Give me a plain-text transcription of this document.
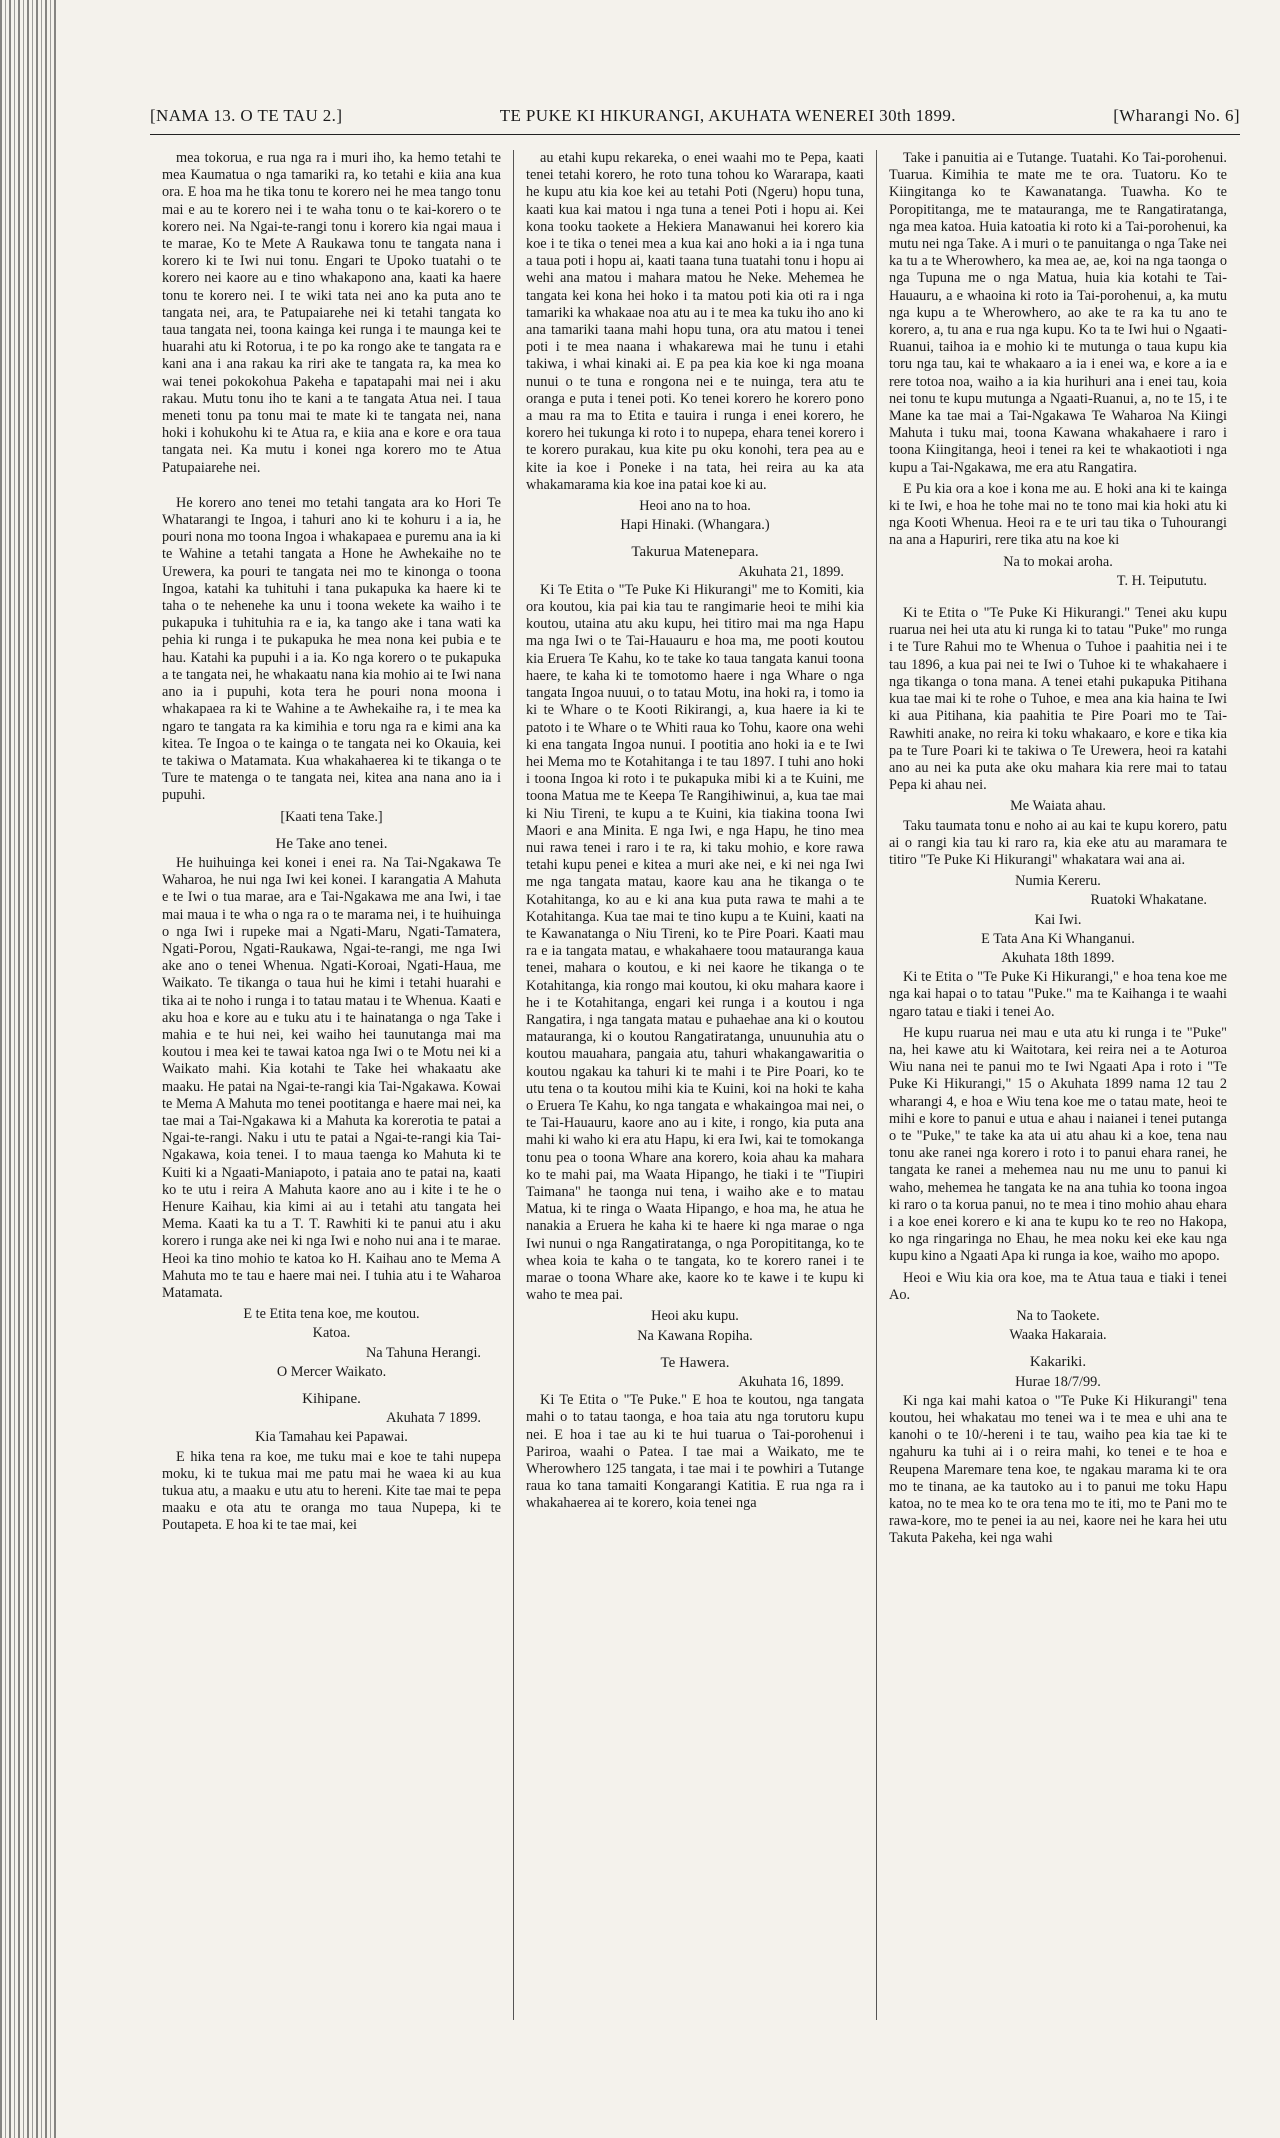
[NAMA 13. O TE TAU 2.]	TE PUKE KI HIKURANGI, AKUHATA WENEREI 30th 1899.	[Wharangi No. 6]

mea tokorua, e rua nga ra i muri iho, ka hemo tetahi te mea Kaumatua o nga tamariki ra, ko tetahi e kiia ana kua ora. E hoa ma he tika tonu te korero nei he mea tango tonu mai e au te korero nei i te waha tonu o te kai-korero o te korero nei. Na Ngai-te-rangi tonu i korero kia ngai maua i te marae, Ko te Mete A Raukawa tonu te tangata nana i korero ki te Iwi nui tonu. Engari te Upoko tuatahi o te korero nei kaore au e tino whakapono ana, kaati ka haere tonu te korero nei. I te wiki tata nei ano ka puta ano te tangata nei, ara, te Patupaiarehe nei ki tetahi tangata ko taua tangata nei, toona kainga kei runga i te maunga kei te huarahi atu ki Rotorua, i te po ka rongo ake te tangata ra e kani ana i ana rakau ka riri ake te tangata ra, ka mea ko wai tenei pokokohua Pakeha e tapatapahi mai nei i aku rakau. Mutu tonu iho te kani a te tangata Atua nei. I taua meneti tonu pa tonu mai te mate ki te tangata nei, nana hoki i kohukohu ki te Atua ra, e kiia ana e kore e ora taua tangata nei. Ka mutu i konei nga korero mo te Atua Patupaiarehe nei.

He korero ano tenei mo tetahi tangata ara ko Hori Te Whatarangi te Ingoa, i tahuri ano ki te kohuru i a ia, he pouri nona mo toona Ingoa i whakapaea e puremu ana ia ki te Wahine a tetahi tangata a Hone he Awhekaihe no te Urewera, ka pouri te tangata nei mo te kinonga o toona Ingoa, katahi ka tuhituhi i tana pukapuka ka haere ki te taha o te nehenehe ka unu i toona wekete ka waiho i te pukapuka i tuhituhia ra e ia, ka tango ake i tana wati ka pehia ki runga i te pukapuka he mea nona kei pubia e te hau. Katahi ka pupuhi i a ia. Ko nga korero o te pukapuka a te tangata nei, he whakaatu nana kia mohio ai te Iwi nana ano ia i pupuhi, kota tera he pouri nona moona i whakapaea ra ki te Wahine a te Awhekaihe ra, i te mea ka ngaro te tangata ra ka kimihia e toru nga ra e kimi ana ka kitea. Te Ingoa o te kainga o te tangata nei ko Okauia, kei te takiwa o Matamata. Kua whakahaerea ki te tikanga o te Ture te matenga o te tangata nei, kitea ana nana ano ia i pupuhi.

[Kaati tena Take.]

He Take ano tenei.

He huihuinga kei konei i enei ra. Na Tai-Ngakawa Te Waharoa, he nui nga Iwi kei konei. I karangatia A Mahuta e te Iwi o tua marae, ara e Tai-Ngakawa me ana Iwi, i tae mai maua i te wha o nga ra o te marama nei, i te huihuinga o nga Iwi i rupeke mai a Ngati-Maru, Ngati-Tamatera, Ngati-Porou, Ngati-Raukawa, Ngai-te-rangi, me nga Iwi ake ano o tenei Whenua. Ngati-Koroai, Ngati-Haua, me Waikato. Te tikanga o taua hui he kimi i tetahi huarahi e tika ai te noho i runga i to tatau matau i te Whenua. Kaati e aku hoa e kore au e tuku atu i te hainatanga o nga Take i mahia e te hui nei, kei waiho hei taunutanga mai ma koutou i mea kei te tawai katoa nga Iwi o te Motu nei ki a Waikato mahi. Kia kotahi te Take hei whakaatu ake maaku. He patai na Ngai-te-rangi kia Tai-Ngakawa. Kowai te Mema A Mahuta mo tenei pootitanga e haere mai nei, ka tae mai a Tai-Ngakawa ki a Mahuta ka korerotia te patai a Ngai-te-rangi. Naku i utu te patai a Ngai-te-rangi kia Tai-Ngakawa, koia tenei. I to maua taenga ko Mahuta ki te Kuiti ki a Ngaati-Maniapoto, i pataia ano te patai na, kaati ko te utu i reira A Mahuta kaore ano au i kite i te he o Henure Kaihau, kia kimi ai au i tetahi atu tangata hei Mema. Kaati ka tu a T. T. Rawhiti ki te panui atu i aku korero i runga ake nei ki nga Iwi e noho nui ana i te marae. Heoi ka tino mohio te katoa ko H. Kaihau ano te Mema A Mahuta mo te tau e haere mai nei. I tuhia atu i te Waharoa Matamata.

E te Etita tena koe, me koutou.

Katoa.

Na Tahuna Herangi.

O Mercer Waikato.

Kihipane.

Akuhata 7 1899.

Kia Tamahau kei Papawai.

E hika tena ra koe, me tuku mai e koe te tahi nupepa moku, ki te tukua mai me patu mai he waea ki au kua tukua atu, a maaku e utu atu to hereni. Kite tae mai te pepa maaku e ota atu te oranga mo taua Nupepa, ki te Poutapeta. E hoa ki te tae mai, kei

au etahi kupu rekareka, o enei waahi mo te Pepa, kaati tenei tetahi korero, he roto tuna tohou ko Wararapa, kaati he kupu atu kia koe kei au tetahi Poti (Ngeru) hopu tuna, kaati kua kai matou i nga tuna a tenei Poti i hopu ai. Kei kona tooku taokete a Hekiera Manawanui hei korero kia koe i te tika o tenei mea a kua kai ano hoki a ia i nga tuna a taua poti i hopu ai, kaati taana tuna tuatahi tonu i hopu ai wehi ana matou i mahara matou he Neke. Mehemea he tangata kei kona hei hoko i ta matou poti kia oti ra i nga tamariki ka whakaae noa atu au i te mea ka tuku iho ano ki ana tamariki taana mahi hopu tuna, ora atu matou i tenei poti i te mea naana i whakarewa mai he tunu i etahi takiwa, i whai kinaki ai. E pa pea kia koe ki nga moana nunui o te tuna e rongona nei e te nuinga, tera atu te oranga e puta i tenei poti. Ko tenei korero he korero pono a mau ra ma to Etita e tauira i runga i enei korero, he korero hei tukunga ki roto i to nupepa, ehara tenei korero i te korero purakau, kua kite pu oku konohi, tera pea au e kite ia koe i Poneke i na tata, hei reira au ka ata whakamarama kia koe ina patai koe ki au.

Heoi ano na to hoa.

Hapi Hinaki. (Whangara.)

Takurua Matenepara.

Akuhata 21, 1899.

Ki Te Etita o "Te Puke Ki Hikurangi" me to Komiti, kia ora koutou, kia pai kia tau te rangimarie heoi te mihi kia koutou, utaina atu aku kupu, hei titiro mai ma nga Hapu ma nga Iwi o te Tai-Hauauru e hoa ma, me pooti koutou kia Eruera Te Kahu, ko te take ko taua tangata kanui toona haere, te kaha ki te tomotomo haere i nga Whare o nga tangata Ingoa nuuui, o to tatau Motu, ina hoki ra, i tomo ia ki te Whare o te Kooti Rikirangi, a, kua haere ia ki te patoto i te Whare o te Whiti raua ko Tohu, kaore ona wehi ki ena tangata Ingoa nunui. I pootitia ano hoki ia e te Iwi hei Mema mo te Kotahitanga i te tau 1897. I tuhi ano hoki i toona Ingoa ki roto i te pukapuka mibi ki a te Kuini, me toona Matua me te Keepa Te Rangihiwinui, a, kua tae mai ki Niu Tireni, te kupu a te Kuini, kia tiakina toona Iwi Maori e ana Minita. E nga Iwi, e nga Hapu, he tino mea nui rawa tenei i raro i te ra, ki taku mohio, e kore rawa tetahi kupu penei e kitea a muri ake nei, e ki nei nga Iwi me nga tangata matau, kaore kau ana he tikanga o te Kotahitanga, ko au e ki ana kua puta rawa te mahi a te Kotahitanga. Kua tae mai te tino kupu a te Kuini, kaati na te Kawanatanga o Niu Tireni, ko te Pire Poari. Kaati mau ra e ia tangata matau, e whakahaere toou matauranga kaua tenei, mahara o koutou, e ki nei kaore he tikanga o te Kotahitanga, kia rongo mai koutou, ki oku mahara kaore i he i te Kotahitanga, engari kei runga i a koutou i nga Rangatira, i nga tangata matau e puhaehae ana ki o koutou matauranga, ki o koutou Rangatiratanga, unuunuhia atu o koutou mauahara, pangaia atu, tahuri whakangawaritia o koutou ngakau ka tahuri ki te mahi i te Pire Poari, ko te utu tena o ta koutou mihi kia te Kuini, koi na hoki te kaha o Eruera Te Kahu, ko nga tangata e whakaingoa mai nei, o te Tai-Hauauru, kaore ano au i kite, i rongo, kia puta ana mahi ki waho ki era atu Hapu, ki era Iwi, kai te tomokanga tonu pea o toona Whare ana korero, koia ahau ka mahara ko te mahi pai, ma Waata Hipango, he tiaki i te "Tiupiri Taimana" he taonga nui tena, i waiho ake e to matau Matua, ki te ringa o Waata Hipango, e hoa ma, he atua he nanakia a Eruera he kaha ki te haere ki nga marae o nga Iwi nunui o nga Rangatiratanga, o nga Poropititanga, ko te whea koia te kaha o te tangata, ko te korero ranei i te marae o toona Whare ake, kaore ko te kawe i te kupu ki waho te mea pai.

Heoi aku kupu.

Na Kawana Ropiha.

Te Hawera.

Akuhata 16, 1899.

Ki Te Etita o "Te Puke." E hoa te koutou, nga tangata mahi o to tatau taonga, e hoa taia atu nga torutoru kupu nei. E hoa i tae au ki te hui tuarua o Tai-porohenui i Pariroa, waahi o Patea. I tae mai a Waikato, me te Wherowhero 125 tangata, i tae mai i te powhiri a Tutange raua ko tana tamaiti Kongarangi Katitia. E rua nga ra i whakahaerea ai te korero, koia tenei nga

Take i panuitia ai e Tutange. Tuatahi. Ko Tai-porohenui. Tuarua. Kimihia te mate me te ora. Tuatoru. Ko te Kiingitanga ko te Kawanatanga. Tuawha. Ko te Poropititanga, me te matauranga, me te Rangatiratanga, nga mea katoa. Huia katoatia ki roto ki a Tai-porohenui, ka mutu nei nga Take. A i muri o te panuitanga o nga Take nei ka tu a te Wherowhero, ka mea ae, ae, koi na nga taonga o nga Tupuna me o nga Matua, huia kia kotahi te Tai-Hauauru, a e whaoina ki roto ia Tai-porohenui, a, ka mutu nga kupu a te Wherowhero, ao ake te ra ka tu ano te korero, a, tu ana e rua nga kupu. Ko ta te Iwi hui o Ngaati-Ruanui, taihoa ia e mohio ki te mutunga o taua kupu kia toru nga tau, kai te whakaaro a ia i enei wa, e kore a ia e rere totoa noa, waiho a ia kia hurihuri ana i enei tau, koia nei tonu te kupu mutunga a Ngaati-Ruanui, a, no te 15, i te Mane ka tae mai a Tai-Ngakawa Te Waharoa Na Kiingi Mahuta i tuku mai, toona Kawana whakahaere i raro i toona Kiingitanga, heoi i tenei ra kei te whakaotioti i nga kupu a Tai-Ngakawa, me era atu Rangatira.

E Pu kia ora a koe i kona me au. E hoki ana ki te kainga ki te Iwi, e hoa he tohe mai no te tono mai kia hoki atu ki nga Kooti Whenua. Heoi ra e te uri tau tika o Tuhourangi na ana a Hapuriri, rere tika atu na koe ki

Na to mokai aroha.

T. H. Teipututu.

Ki te Etita o "Te Puke Ki Hikurangi." Tenei aku kupu ruarua nei hei uta atu ki runga ki to tatau "Puke" mo runga i te Ture Rahui mo te Whenua o Tuhoe i paahitia nei i te tau 1896, a kua pai nei te Iwi o Tuhoe ki te whakahaere i nga tikanga o tona mana. A tenei etahi pukapuka Pitihana kua tae mai ki te rohe o Tuhoe, e mea ana kia haina te Iwi ki aua Pitihana, kia paahitia te Pire Poari mo te Tai-Rawhiti anake, no reira ki toku whakaaro, e kore e tika kia pa te Ture Poari ki te takiwa o Te Urewera, heoi ra katahi ano au nei ka puta ake oku mahara kia rere mai to tatau Pepa ki ahau nei.

Me Waiata ahau.

Taku taumata tonu e noho ai au kai te kupu korero, patu ai o rangi kia tau ki raro ra, kia eke atu au maramara te titiro "Te Puke Ki Hikurangi" whakatara wai ana ai.

Numia Kereru.

Ruatoki Whakatane.

Kai Iwi.

E Tata Ana Ki Whanganui.

Akuhata 18th 1899.

Ki te Etita o "Te Puke Ki Hikurangi," e hoa tena koe me nga kai hapai o to tatau "Puke." ma te Kaihanga i te waahi ngaro tatau e tiaki i tenei Ao.

He kupu ruarua nei mau e uta atu ki runga i te "Puke" na, hei kawe atu ki Waitotara, kei reira nei a te Aoturoa Wiu nana nei te panui mo te Iwi Ngaati Apa i roto i "Te Puke Ki Hikurangi," 15 o Akuhata 1899 nama 12 tau 2 wharangi 4, e hoa e Wiu tena koe me o tatau mate, heoi te mihi e kore to panui e utua e ahau i naianei i tenei putanga o te "Puke," te take ka ata ui atu ahau ki a koe, tena nau tonu ake ranei nga korero i roto i to panui ehara ranei, he tangata ke ranei a mehemea nau nu me unu to panui ki waho, mehemea he tangata ke na ana tuhia ko toona ingoa ki raro o ta korua panui, no te mea i tino mohio ahau ehara i a koe enei korero e ki ana te kupu ko te reo no Hakopa, ko nga ringaringa no Ehau, he mea noku kei eke kau nga kupu kino a Ngaati Apa ki runga ia koe, waiho mo apopo.

Heoi e Wiu kia ora koe, ma te Atua taua e tiaki i tenei Ao.

Na to Taokete.

Waaka Hakaraia.

Kakariki.

Hurae 18/7/99.

Ki nga kai mahi katoa o "Te Puke Ki Hikurangi" tena koutou, hei whakatau mo tenei wa i te mea e uhi ana te kanohi o te 10/-hereni i te tau, waiho pea kia tae ki te ngahuru ka tuhi ai i o reira mahi, ko tenei e te hoa e Reupena Maremare tena koe, te ngakau marama ki te ora mo te tinana, ae ka tautoko au i to panui me toku Hapu katoa, no te mea ko te ora tena mo te iti, mo te Pani mo te rawa-kore, mo te penei ia au nei, kaore nei he kara hei utu Takuta Pakeha, kei nga wahi
